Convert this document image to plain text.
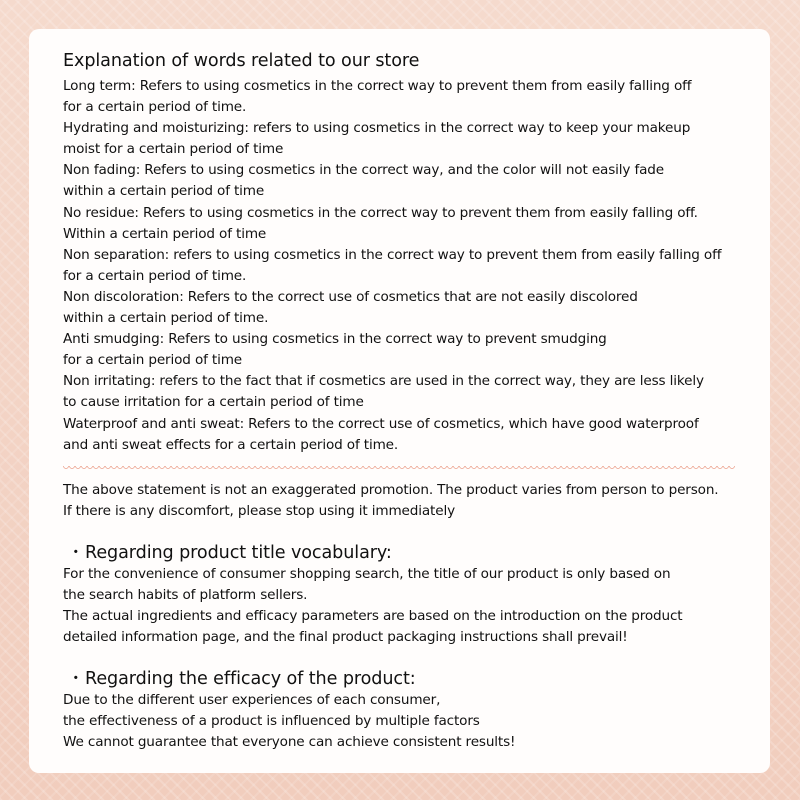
Explanation of words related to our store
Long term: Refers to using cosmetics in the correct way to prevent them from easily falling off
for a certain period of time.
Hydrating and moisturizing: refers to using cosmetics in the correct way to keep your makeup
moist for a certain period of time
Non fading: Refers to using cosmetics in the correct way, and the color will not easily fade
within a certain period of time
No residue: Refers to using cosmetics in the correct way to prevent them from easily falling off.
Within a certain period of time
Non separation: refers to using cosmetics in the correct way to prevent them from easily falling off
for a certain period of time.
Non discoloration: Refers to the correct use of cosmetics that are not easily discolored
within a certain period of time.
Anti smudging: Refers to using cosmetics in the correct way to prevent smudging
for a certain period of time
Non irritating: refers to the fact that if cosmetics are used in the correct way, they are less likely
to cause irritation for a certain period of time
Waterproof and anti sweat: Refers to the correct use of cosmetics, which have good waterproof
and anti sweat effects for a certain period of time.
The above statement is not an exaggerated promotion. The product varies from person to person.
If there is any discomfort, please stop using it immediately
・Regarding product title vocabulary:
For the convenience of consumer shopping search, the title of our product is only based on
the search habits of platform sellers.
The actual ingredients and efficacy parameters are based on the introduction on the product
detailed information page, and the final product packaging instructions shall prevail!
・Regarding the efficacy of the product:
Due to the different user experiences of each consumer,
the effectiveness of a product is influenced by multiple factors
We cannot guarantee that everyone can achieve consistent results!
